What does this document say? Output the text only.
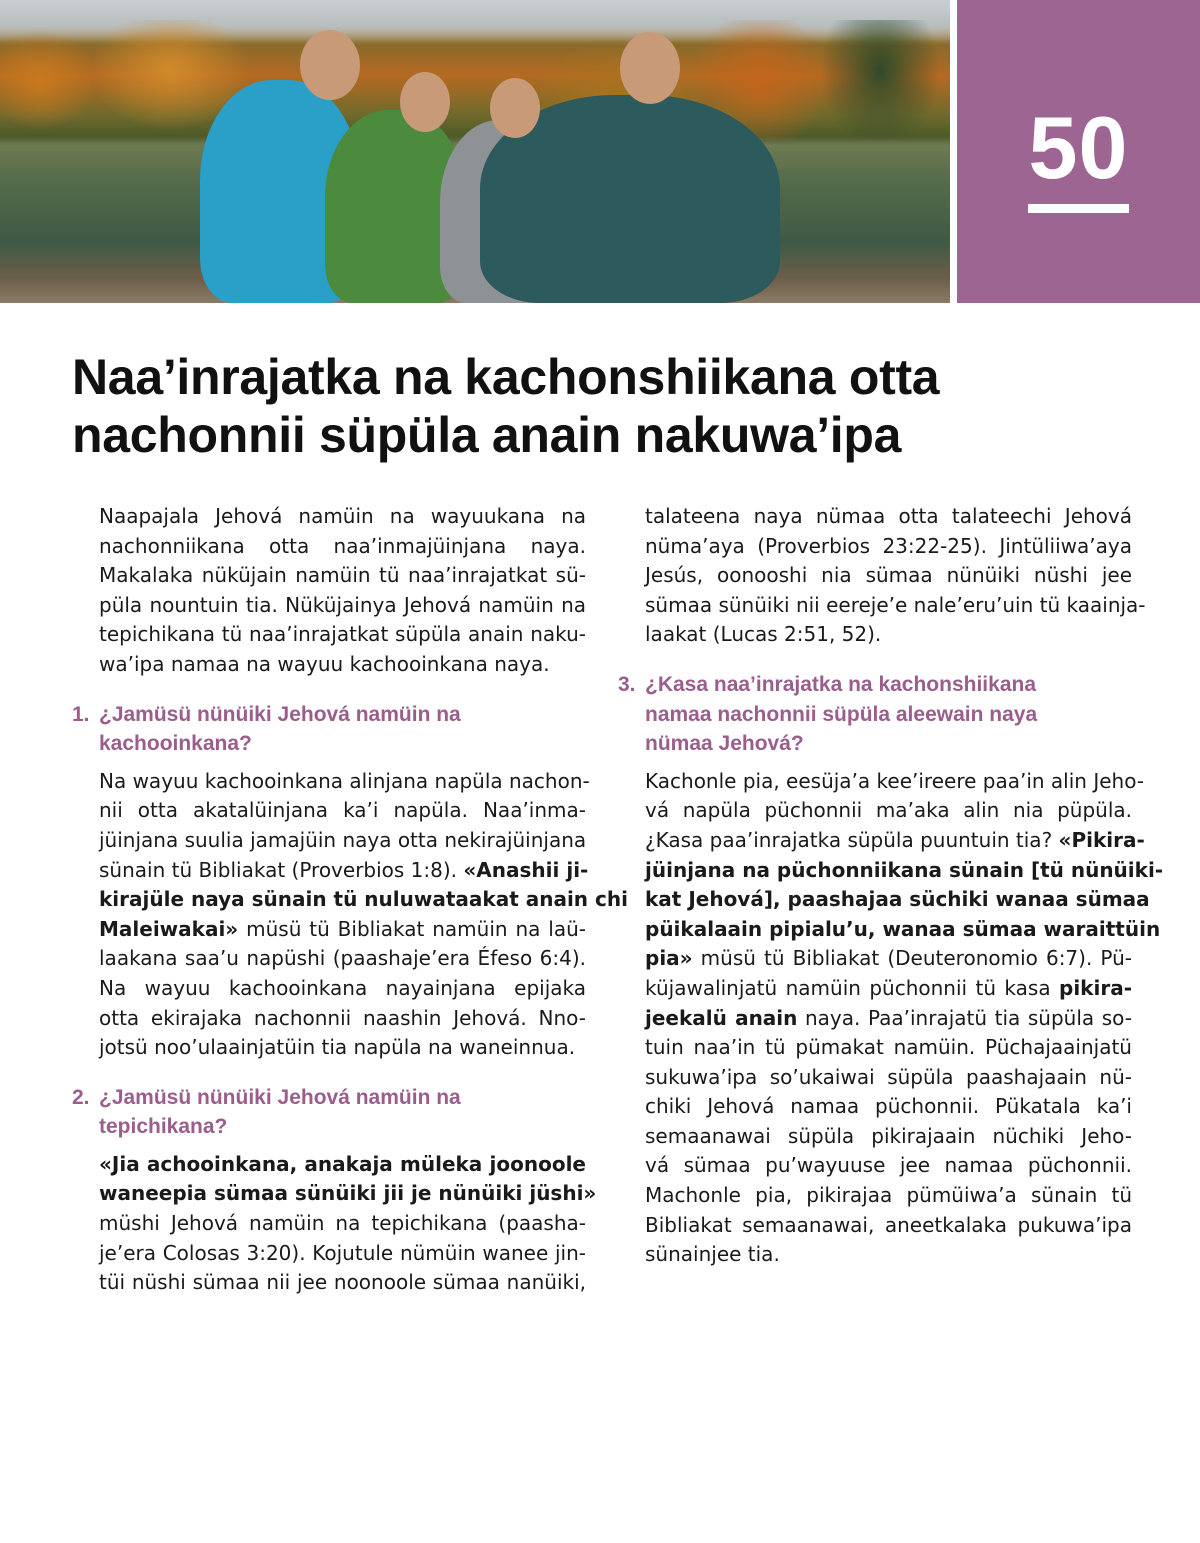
50
Naa’inrajatka na kachonshiikana otta
nachonnii süpüla anain nakuwa’ipa
Naapajala Jehová namüin na wayuukana na
nachonniikana otta naa’inmajüinjana naya.
Makalaka nüküjain namüin tü naa’inrajatkat sü-
püla nountuin tia. Nüküjainya Jehová namüin na
tepichikana tü naa’inrajatkat süpüla anain naku-
wa’ipa namaa na wayuu kachooinkana naya.
1. ¿Jamüsü nünüiki Jehová namüin na
kachooinkana?
Na wayuu kachooinkana alinjana napüla nachon-
nii otta akatalüinjana ka’i napüla. Naa’inma-
jüinjana suulia jamajüin naya otta nekirajüinjana
sünain tü Bibliakat (Proverbios 1:8). «Anashii ji-
kirajüle naya sünain tü nuluwataakat anain chi
Maleiwakai» müsü tü Bibliakat namüin na laü-
laakana saa’u napüshi (paashaje’era Éfeso 6:4).
Na wayuu kachooinkana nayainjana epijaka
otta ekirajaka nachonnii naashin Jehová. Nno-
jotsü noo’ulaainjatüin tia napüla na waneinnua.
2. ¿Jamüsü nünüiki Jehová namüin na
tepichikana?
«Jia achooinkana, anakaja müleka joonoole
waneepia sümaa sünüiki jii je nünüiki jüshi»
müshi Jehová namüin na tepichikana (paasha-
je’era Colosas 3:20). Kojutule nümüin wanee jin-
tüi nüshi sümaa nii jee noonoole sümaa nanüiki,
talateena naya nümaa otta talateechi Jehová
nüma’aya (Proverbios 23:22-25). Jintüliiwa’aya
Jesús, oonooshi nia sümaa nünüiki nüshi jee
sümaa sünüiki nii eereje’e nale’eru’uin tü kaainja-
laakat (Lucas 2:51, 52).
3. ¿Kasa naa’inrajatka na kachonshiikana
namaa nachonnii süpüla aleewain naya
nümaa Jehová?
Kachonle pia, eesüja’a kee’ireere paa’in alin Jeho-
vá napüla püchonnii ma’aka alin nia püpüla.
¿Kasa paa’inrajatka süpüla puuntuin tia? «Pikira-
jüinjana na püchonniikana sünain [tü nünüiki-
kat Jehová], paashajaa süchiki wanaa sümaa
püikalaain pipialu’u, wanaa sümaa waraittüin
pia» müsü tü Bibliakat (Deuteronomio 6:7). Pü-
küjawalinjatü namüin püchonnii tü kasa pikira-
jeekalü anain naya. Paa’inrajatü tia süpüla so-
tuin naa’in tü pümakat namüin. Püchajaainjatü
sukuwa’ipa so’ukaiwai süpüla paashajaain nü-
chiki Jehová namaa püchonnii. Pükatala ka’i
semaanawai süpüla pikirajaain nüchiki Jeho-
vá sümaa pu’wayuuse jee namaa püchonnii.
Machonle pia, pikirajaa pümüiwa’a sünain tü
Bibliakat semaanawai, aneetkalaka pukuwa’ipa
sünainjee tia.
